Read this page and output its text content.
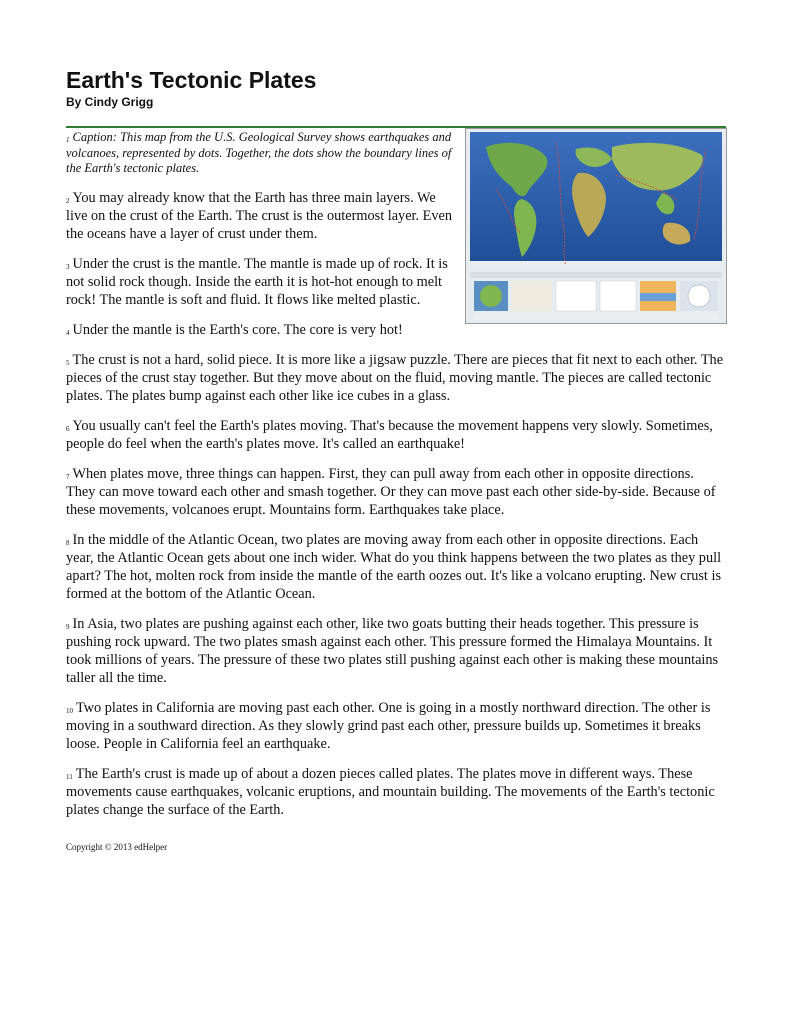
Earth's Tectonic Plates
By Cindy Grigg

$^1$ Caption: This map from the U.S. Geological Survey shows earthquakes and volcanoes, represented by dots. Together, the dots show the boundary lines of the Earth's tectonic plates.

$^2$ You may already know that the Earth has three main layers. We live on the crust of the Earth. The crust is the outermost layer. Even the oceans have a layer of crust under them.

$^3$ Under the crust is the mantle. The mantle is made up of rock. It is not solid rock though. Inside the earth it is hot-hot enough to melt rock! The mantle is soft and fluid. It flows like melted plastic.

$^4$ Under the mantle is the Earth's core. The core is very hot!

$^5$ The crust is not a hard, solid piece. It is more like a jigsaw puzzle. There are pieces that fit next to each other. The pieces of the crust stay together. But they move about on the fluid, moving mantle. The pieces are called tectonic plates. The plates bump against each other like ice cubes in a glass.

$^6$ You usually can't feel the Earth's plates moving. That's because the movement happens very slowly. Sometimes, people do feel when the earth's plates move. It's called an earthquake!

$^7$ When plates move, three things can happen. First, they can pull away from each other in opposite directions. They can move toward each other and smash together. Or they can move past each other side-by-side. Because of these movements, volcanoes erupt. Mountains form. Earthquakes take place.

$^8$ In the middle of the Atlantic Ocean, two plates are moving away from each other in opposite directions. Each year, the Atlantic Ocean gets about one inch wider. What do you think happens between the two plates as they pull apart? The hot, molten rock from inside the mantle of the earth oozes out. It's like a volcano erupting. New crust is formed at the bottom of the Atlantic Ocean.

$^9$ In Asia, two plates are pushing against each other, like two goats butting their heads together. This pressure is pushing rock upward. The two plates smash against each other. This pressure formed the Himalaya Mountains. It took millions of years. The pressure of these two plates still pushing against each other is making these mountains taller all the time.

$^{10}$ Two plates in California are moving past each other. One is going in a mostly northward direction. The other is moving in a southward direction. As they slowly grind past each other, pressure builds up. Sometimes it breaks loose. People in California feel an earthquake.

$^{11}$ The Earth's crust is made up of about a dozen pieces called plates. The plates move in different ways. These movements cause earthquakes, volcanic eruptions, and mountain building. The movements of the Earth's tectonic plates change the surface of the Earth.

Copyright © 2013 edHelper
